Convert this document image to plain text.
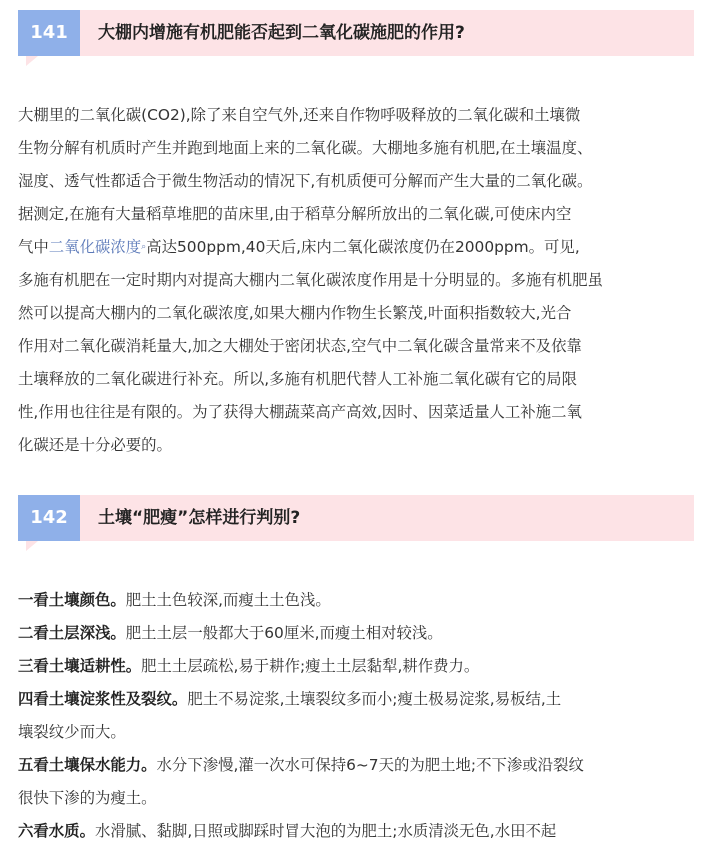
141	大棚内增施有机肥能否起到二氧化碳施肥的作用?
大棚里的二氧化碳(CO2),除了来自空气外,还来自作物呼吸释放的二氧化碳和土壤微
生物分解有机质时产生并跑到地面上来的二氧化碳。大棚地多施有机肥,在土壤温度、
湿度、透气性都适合于微生物活动的情况下,有机质便可分解而产生大量的二氧化碳。
据测定,在施有大量稻草堆肥的苗床里,由于稻草分解所放出的二氧化碳,可使床内空
气中二氧化碳浓度⌕高达500ppm,40天后,床内二氧化碳浓度仍在2000ppm。可见,
多施有机肥在一定时期内对提高大棚内二氧化碳浓度作用是十分明显的。多施有机肥虽
然可以提高大棚内的二氧化碳浓度,如果大棚内作物生长繁茂,叶面积指数较大,光合
作用对二氧化碳消耗量大,加之大棚处于密闭状态,空气中二氧化碳含量常来不及依靠
土壤释放的二氧化碳进行补充。所以,多施有机肥代替人工补施二氧化碳有它的局限
性,作用也往往是有限的。为了获得大棚蔬菜高产高效,因时、因菜适量人工补施二氧
化碳还是十分必要的。
142	土壤“肥瘦”怎样进行判别?
一看土壤颜色。肥土土色较深,而瘦土土色浅。
二看土层深浅。肥土土层一般都大于60厘米,而瘦土相对较浅。
三看土壤适耕性。肥土土层疏松,易于耕作;瘦土土层黏犁,耕作费力。
四看土壤淀浆性及裂纹。肥土不易淀浆,土壤裂纹多而小;瘦土极易淀浆,易板结,土
壤裂纹少而大。
五看土壤保水能力。水分下渗慢,灌一次水可保持6~7天的为肥土地;不下渗或沿裂纹
很快下渗的为瘦土。
六看水质。水滑腻、黏脚,日照或脚踩时冒大泡的为肥土;水质清淡无色,水田不起
